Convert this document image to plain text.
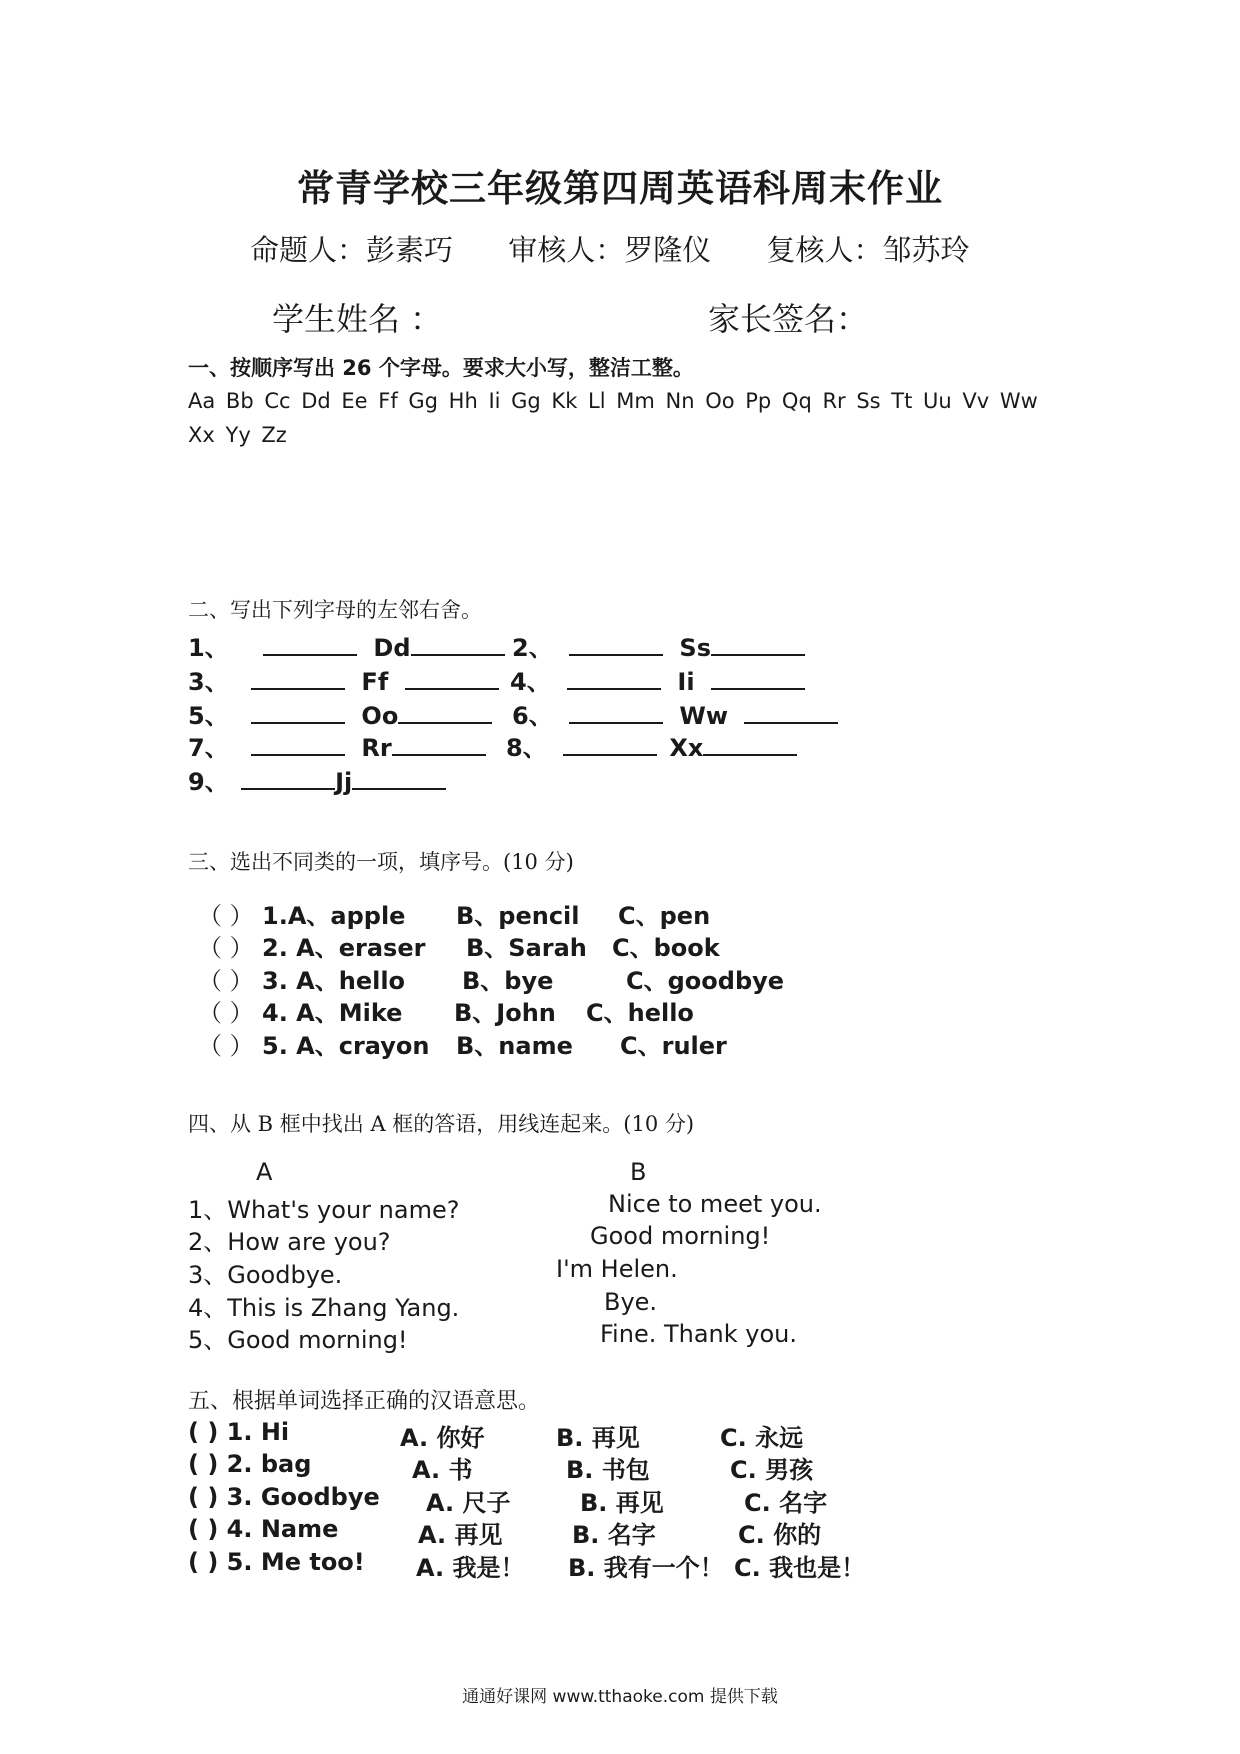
常青学校三年级第四周英语科周末作业
命题人：彭素巧 审核人：罗隆仪 复核人：邹苏玲
学生姓名 ：	家长签名：
一、按顺序写出 26 个字母。要求大小写，整洁工整。
Aa Bb Cc Dd Ee Ff Gg Hh Ii Gg Kk Ll Mm Nn Oo Pp Qq Rr Ss Tt Uu Vv Ww Xx Yy Zz
二、写出下列字母的左邻右舍。
1、	Dd	2、	Ss
3、	Ff	4、	Ii
5、	Oo	6、	Ww
7、	Rr	8、	Xx
9、	Jj
三、选出不同类的一项，填序号。(10 分)
（ ） 1.A、apple B、pencil C、pen
（ ） 2. A、eraser B、Sarah C、book
（ ） 3. A、hello B、bye	C、goodbye
（ ） 4. A、Mike B、John C、hello
（ ） 5. A、crayon B、name C、ruler
四、从 B 框中找出 A 框的答语，用线连起来。(10 分)
A	B
1、What's your name?	Nice to meet you.
2、How are you?	Good morning!
3、Goodbye.	I'm Helen.
4、This is Zhang Yang.	Bye.
5、Good morning!	Fine. Thank you.
五、根据单词选择正确的汉语意思。
( ) 1. Hi	A. 你好	B. 再见	C. 永远
( ) 2. bag	A. 书	B. 书包	C. 男孩
( ) 3. Goodbye A. 尺子	B. 再见	C. 名字
( ) 4. Name	A. 再见	B. 名字	C. 你的
( ) 5. Me too! A. 我是！ B. 我有一个！ C. 我也是！
通通好课网 www.tthaoke.com 提供下载
